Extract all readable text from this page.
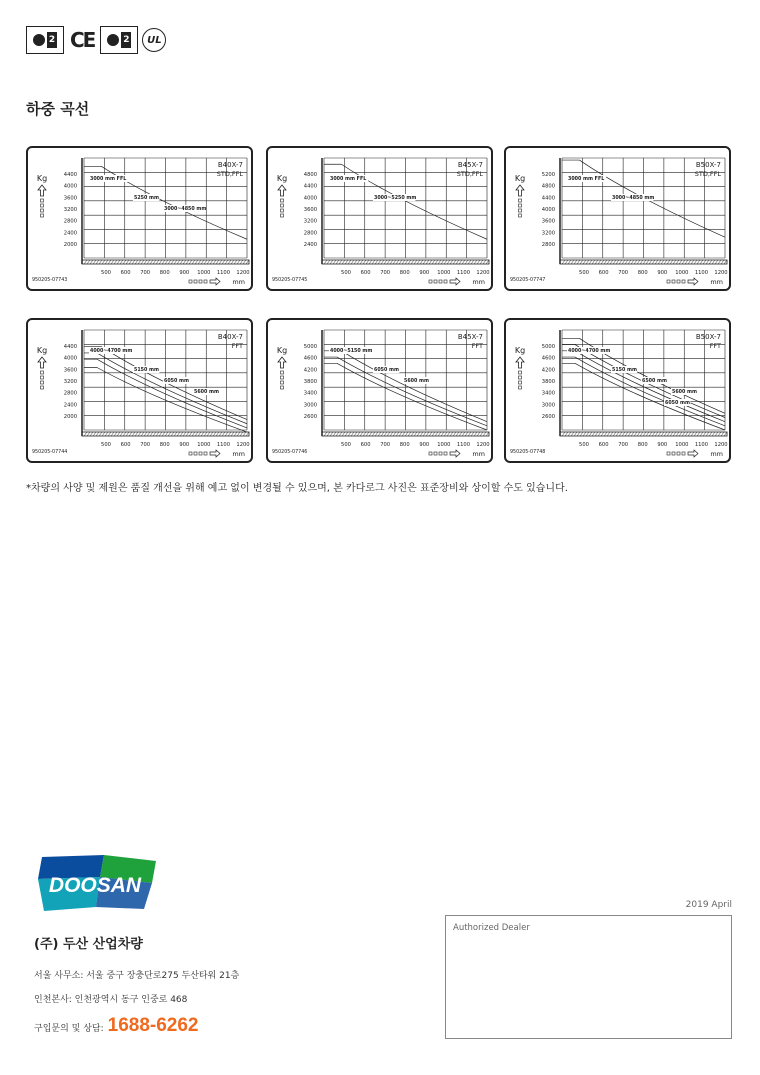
2 CE	2	UL
하중 곡선
Kg	4400
4000
3600
3200
2800
2400
2000
500 600 700 800 900 1000 1100 1200
mm
950205-07743
B40X-7
STD,FFL
3000 mm FFL
5250 mm
3000~4850 mm
Kg	4800
4400
4000
3600
3200
2800
2400
500 600 700 800 900 1000 1100 1200
mm
950205-07745
B45X-7
STD,FFL
3000 mm FFL
3000~5250 mm
Kg	5200
4800
4400
4000
3600
3200
2800
500 600 700 800 900 1000 1100 1200
mm
950205-07747
B50X-7
STD,FFL
3000 mm FFL
3000~4850 mm
Kg	4400
4000
3600
3200
2800
2400
2000
500 600 700 800 900 1000 1100 1200
mm
950205-07744
B40X-7
FFT
4000~4700 mm
5150 mm
6050 mm
5600 mm
Kg	5000
4600
4200
3800
3400
3000
2600
500 600 700 800 900 1000 1100 1200
mm
950205-07746
B45X-7
FFT
4000~5150 mm
6050 mm
5600 mm
Kg	5000
4600
4200
3800
3400
3000
2600
500 600 700 800 900 1000 1100 1200
mm
950205-07748
B50X-7
FFT
4000~4700 mm
5150 mm
6500 mm
5600 mm
6050 mm
*차량의 사양 및 제원은 품질 개선을 위해 예고 없이 변경될 수 있으며, 본 카다로그 사진은 표준장비와 상이할 수도 있습니다.
DOOSAN
(주) 두산 산업차량
서울 사무소: 서울 중구 장충단로275 두산타워 21층
인천본사: 인천광역시 동구 인중로 468
구입문의 및 상담: 1688-6262
2019 April
Authorized Dealer
